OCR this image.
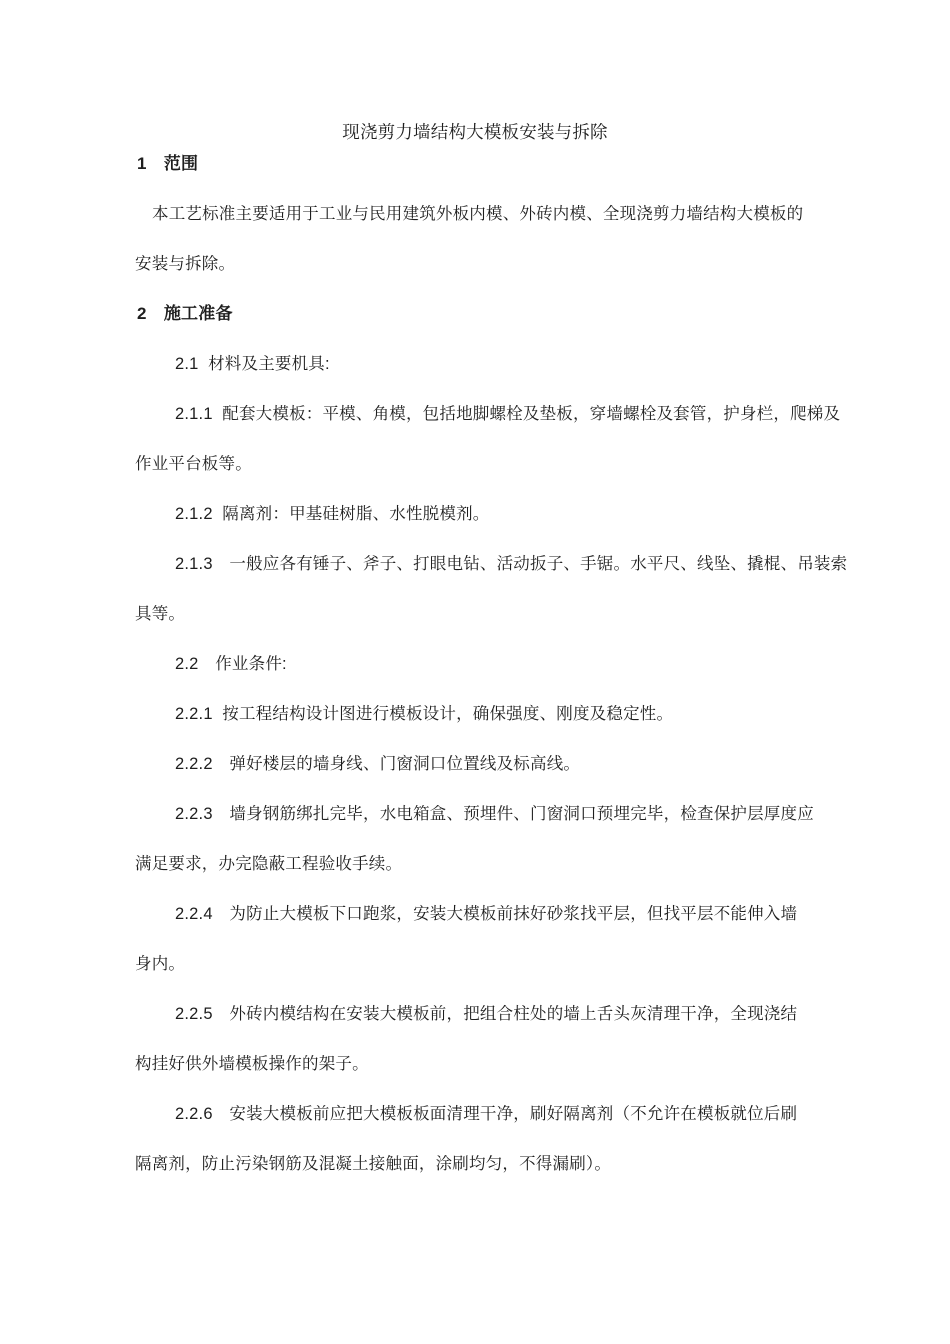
现浇剪力墙结构大模板安装与拆除
1　范围
本工艺标准主要适用于工业与民用建筑外板内模、外砖内模、全现浇剪力墙结构大模板的
安装与拆除。
2　施工准备
2.1  材料及主要机具:
2.1.1  配套大模板：平模、角模，包括地脚螺栓及垫板，穿墙螺栓及套管，护身栏，爬梯及
作业平台板等。
2.1.2  隔离剂：甲基硅树脂、水性脱模剂。
2.1.3　一般应各有锤子、斧子、打眼电钻、活动扳子、手锯。水平尺、线坠、撬棍、吊装索
具等。
2.2　作业条件:
2.2.1  按工程结构设计图进行模板设计，确保强度、刚度及稳定性。
2.2.2　弹好楼层的墙身线、门窗洞口位置线及标高线。
2.2.3　墙身钢筋绑扎完毕，水电箱盒、预埋件、门窗洞口预埋完毕，检查保护层厚度应
满足要求，办完隐蔽工程验收手续。
2.2.4　为防止大模板下口跑浆，安装大模板前抹好砂浆找平层，但找平层不能伸入墙
身内。
2.2.5　外砖内模结构在安装大模板前，把组合柱处的墙上舌头灰清理干净，全现浇结
构挂好供外墙模板操作的架子。
2.2.6　安装大模板前应把大模板板面清理干净，刷好隔离剂（不允许在模板就位后刷
隔离剂，防止污染钢筋及混凝土接触面，涂刷均匀，不得漏刷）。
